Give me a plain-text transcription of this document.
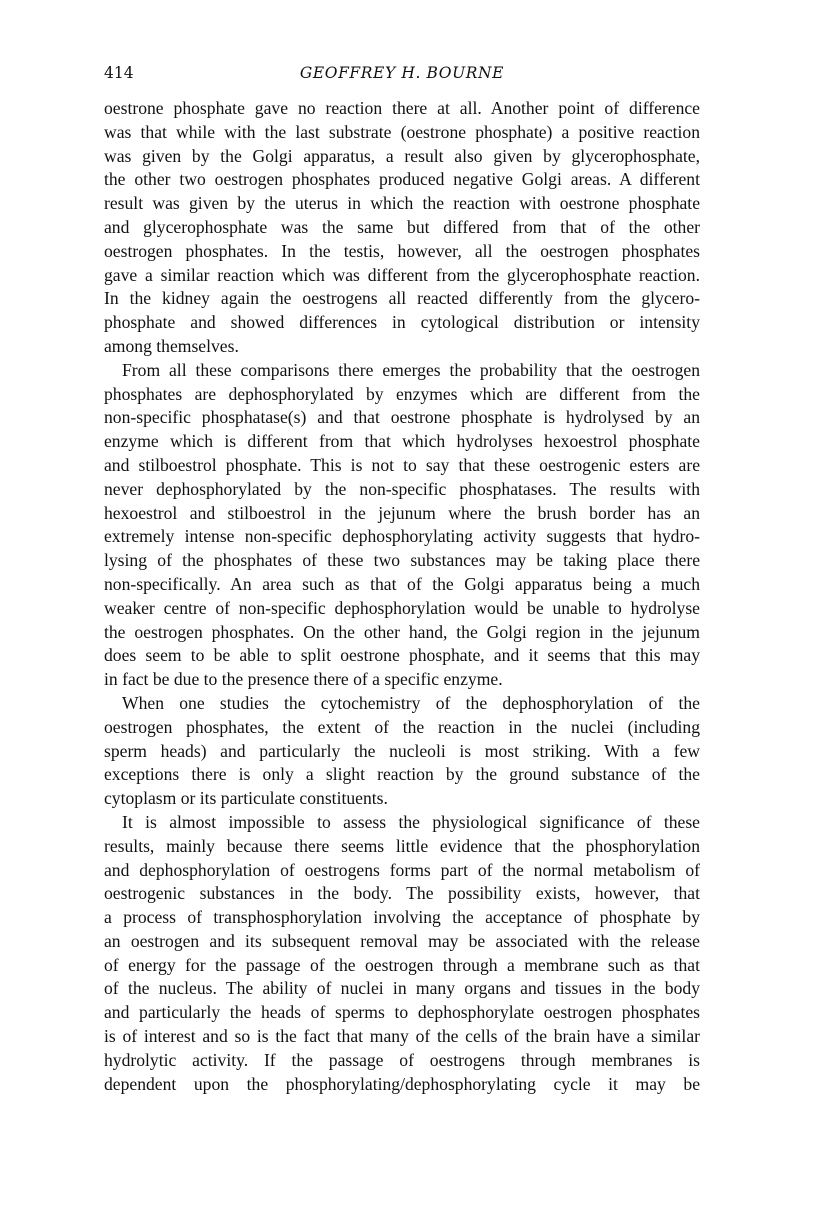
414	GEOFFREY H. BOURNE

oestrone phosphate gave no reaction there at all. Another point of difference
was that while with the last substrate (oestrone phosphate) a positive reaction
was given by the Golgi apparatus, a result also given by glycerophosphate,
the other two oestrogen phosphates produced negative Golgi areas. A different
result was given by the uterus in which the reaction with oestrone phosphate
and glycerophosphate was the same but differed from that of the other
oestrogen phosphates. In the testis, however, all the oestrogen phosphates
gave a similar reaction which was different from the glycerophosphate reaction.
In the kidney again the oestrogens all reacted differently from the glycero-
phosphate and showed differences in cytological distribution or intensity
among themselves.

From all these comparisons there emerges the probability that the oestrogen
phosphates are dephosphorylated by enzymes which are different from the
non-specific phosphatase(s) and that oestrone phosphate is hydrolysed by an
enzyme which is different from that which hydrolyses hexoestrol phosphate
and stilboestrol phosphate. This is not to say that these oestrogenic esters are
never dephosphorylated by the non-specific phosphatases. The results with
hexoestrol and stilboestrol in the jejunum where the brush border has an
extremely intense non-specific dephosphorylating activity suggests that hydro-
lysing of the phosphates of these two substances may be taking place there
non-specifically. An area such as that of the Golgi apparatus being a much
weaker centre of non-specific dephosphorylation would be unable to hydrolyse
the oestrogen phosphates. On the other hand, the Golgi region in the jejunum
does seem to be able to split oestrone phosphate, and it seems that this may
in fact be due to the presence there of a specific enzyme.

When one studies the cytochemistry of the dephosphorylation of the
oestrogen phosphates, the extent of the reaction in the nuclei (including
sperm heads) and particularly the nucleoli is most striking. With a few
exceptions there is only a slight reaction by the ground substance of the
cytoplasm or its particulate constituents.

It is almost impossible to assess the physiological significance of these
results, mainly because there seems little evidence that the phosphorylation
and dephosphorylation of oestrogens forms part of the normal metabolism of
oestrogenic substances in the body. The possibility exists, however, that
a process of transphosphorylation involving the acceptance of phosphate by
an oestrogen and its subsequent removal may be associated with the release
of energy for the passage of the oestrogen through a membrane such as that
of the nucleus. The ability of nuclei in many organs and tissues in the body
and particularly the heads of sperms to dephosphorylate oestrogen phosphates
is of interest and so is the fact that many of the cells of the brain have a similar
hydrolytic activity. If the passage of oestrogens through membranes is
dependent upon the phosphorylating/dephosphorylating cycle it may be
